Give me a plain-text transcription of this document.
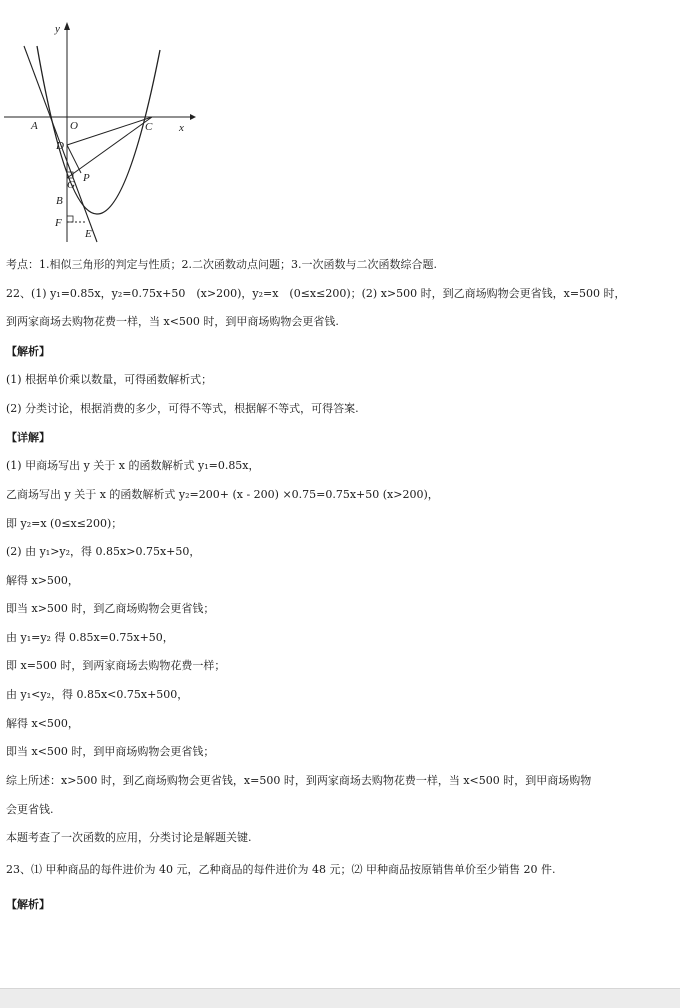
y
x
A	O	C
D
G
P
B
F
E
考点：1.相似三角形的判定与性质；2.二次函数动点问题；3.一次函数与二次函数综合题.
22、(1) y₁=0.85x，y₂=0.75x+50　(x>200)，y₂=x　(0≤x≤200)；(2) x>500 时，到乙商场购物会更省钱，x=500 时，
到两家商场去购物花费一样，当 x<500 时，到甲商场购物会更省钱.
【解析】
(1) 根据单价乘以数量，可得函数解析式；
(2) 分类讨论，根据消费的多少，可得不等式，根据解不等式，可得答案.
【详解】
(1) 甲商场写出 y 关于 x 的函数解析式 y₁=0.85x，
乙商场写出 y 关于 x 的函数解析式 y₂=200+ (x - 200) ×0.75=0.75x+50 (x>200)，
即 y₂=x (0≤x≤200)；
(2) 由 y₁>y₂，得 0.85x>0.75x+50，
解得 x>500，
即当 x>500 时，到乙商场购物会更省钱；
由 y₁=y₂ 得 0.85x=0.75x+50，
即 x=500 时，到两家商场去购物花费一样；
由 y₁<y₂，得 0.85x<0.75x+500，
解得 x<500，
即当 x<500 时，到甲商场购物会更省钱；
综上所述：x>500 时，到乙商场购物会更省钱，x=500 时，到两家商场去购物花费一样，当 x<500 时，到甲商场购物
会更省钱.
本题考查了一次函数的应用，分类讨论是解题关键.
23、⑴ 甲种商品的每件进价为 40 元，乙种商品的每件进价为 48 元；⑵ 甲种商品按原销售单价至少销售 20 件.
【解析】
